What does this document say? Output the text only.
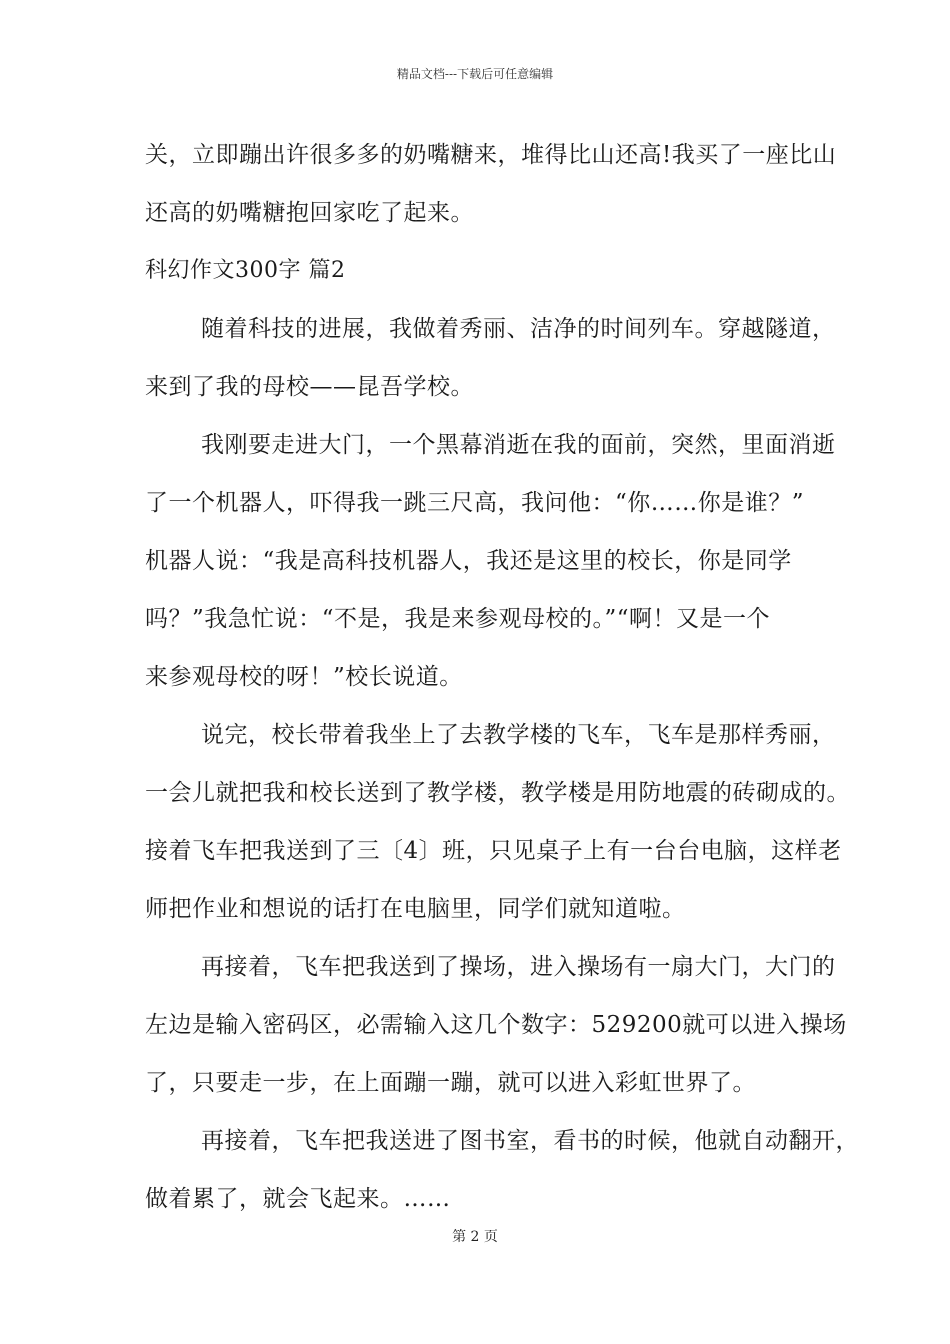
精品文档---下载后可任意编辑
关，立即蹦出许很多多的奶嘴糖来，堆得比山还高!我买了一座比山
还高的奶嘴糖抱回家吃了起来。
科幻作文300字 篇2
随着科技的进展，我做着秀丽、洁净的时间列车。穿越隧道，
来到了我的母校——昆吾学校。
我刚要走进大门，一个黑幕消逝在我的面前，突然，里面消逝
了一个机器人，吓得我一跳三尺高，我问他：“你……你是谁？”
机器人说：“我是高科技机器人，我还是这里的校长，你是同学
吗？”我急忙说：“不是，我是来参观母校的。”“啊！又是一个
来参观母校的呀！”校长说道。
说完，校长带着我坐上了去教学楼的飞车，飞车是那样秀丽，
一会儿就把我和校长送到了教学楼，教学楼是用防地震的砖砌成的。
接着飞车把我送到了三〔4〕班，只见桌子上有一台台电脑，这样老
师把作业和想说的话打在电脑里，同学们就知道啦。
再接着，飞车把我送到了操场，进入操场有一扇大门，大门的
左边是输入密码区，必需输入这几个数字：529200就可以进入操场
了，只要走一步，在上面蹦一蹦，就可以进入彩虹世界了。
再接着，飞车把我送进了图书室，看书的时候，他就自动翻开，
做着累了，就会飞起来。……
第 2 页
